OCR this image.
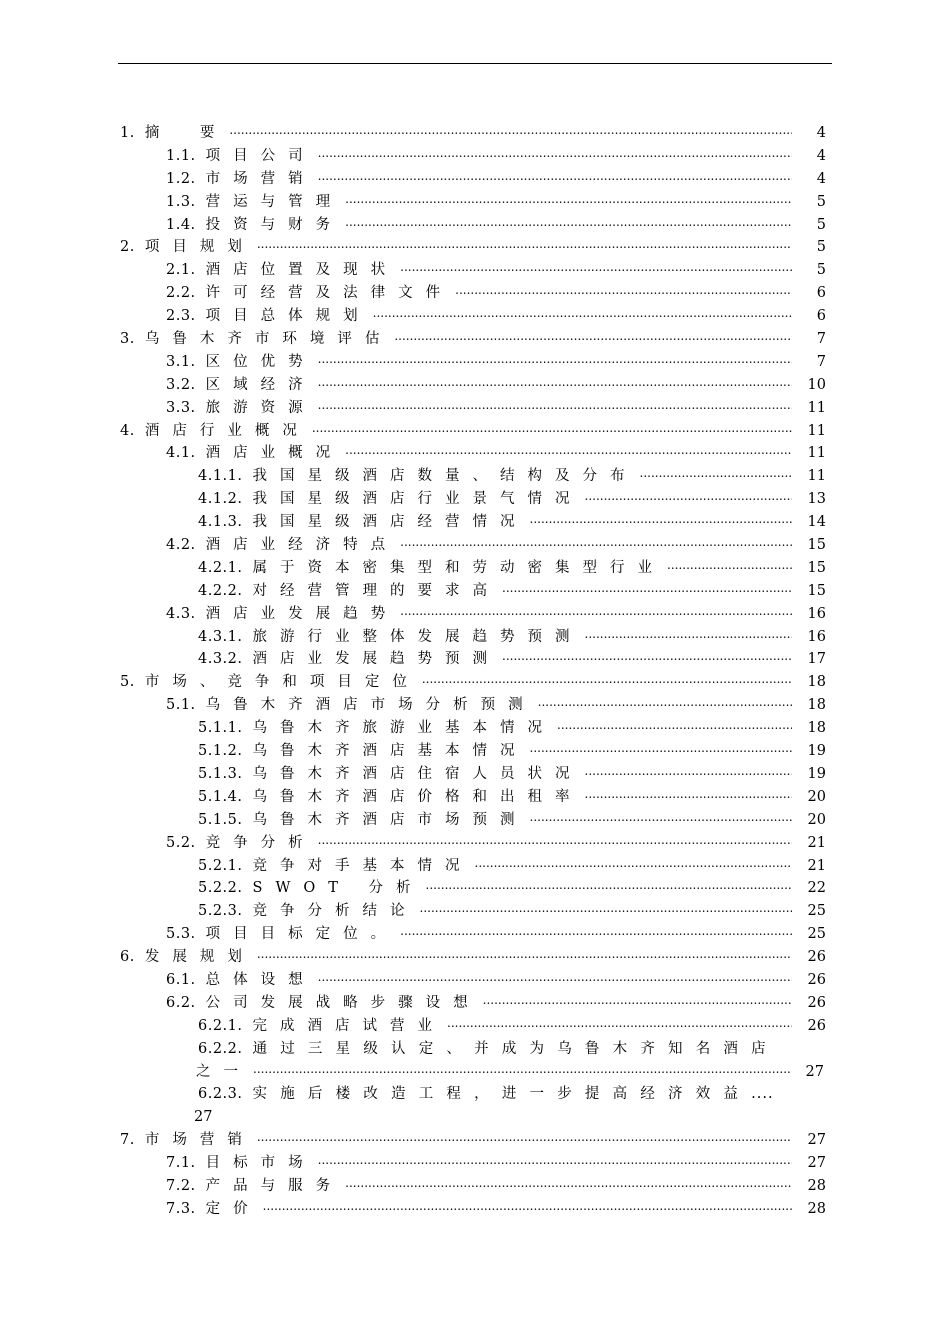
1. 摘　要 .....	4
1.1. 项目公司 .....	4
1.2. 市场营销 .....	4
1.3. 营运与管理 .....	5
1.4. 投资与财务 .....	5
2. 项目规划 .....	5
2.1. 酒店位置及现状 .....	5
2.2. 许可经营及法律文件 .....	6
2.3. 项目总体规划 .....	6
3. 乌鲁木齐市环境评估 .....	7
3.1. 区位优势 .....	7
3.2. 区域经济 .....	10
3.3. 旅游资源 .....	11
4. 酒店行业概况 .....	11
4.1. 酒店业概况 .....	11
4.1.1. 我国星级酒店数量、结构及分布 .....	11
4.1.2. 我国星级酒店行业景气情况 .....	13
4.1.3. 我国星级酒店经营情况 .....	14
4.2. 酒店业经济特点 .....	15
4.2.1. 属于资本密集型和劳动密集型行业 .....	15
4.2.2. 对经营管理的要求高 .....	15
4.3. 酒店业发展趋势 .....	16
4.3.1. 旅游行业整体发展趋势预测 .....	16
4.3.2. 酒店业发展趋势预测 .....	17
5. 市场、竞争和项目定位 .....	18
5.1. 乌鲁木齐酒店市场分析预测 .....	18
5.1.1. 乌鲁木齐旅游业基本情况 .....	18
5.1.2. 乌鲁木齐酒店基本情况 .....	19
5.1.3. 乌鲁木齐酒店住宿人员状况 .....	19
5.1.4. 乌鲁木齐酒店价格和出租率 .....	20
5.1.5. 乌鲁木齐酒店市场预测 .....	20
5.2. 竞争分析 .....	21
5.2.1. 竞争对手基本情况 .....	21
5.2.2. SWOT 分析 .....	22
5.2.3. 竞争分析结论 .....	25
5.3. 项目目标定位。 .....	25
6. 发展规划 .....	26
6.1. 总体设想 .....	26
6.2. 公司发展战略步骤设想 .....	26
6.2.1. 完成酒店试营业 .....	26
6.2.2. 通过三星级认定、并成为乌鲁木齐知名酒店
之一 .....	27
6.2.3. 实施后楼改造工程，进一步提高经济效益 ....
27
7. 市场营销 .....	27
7.1. 目标市场 .....	27
7.2. 产品与服务 .....	28
7.3. 定价 .....	28
